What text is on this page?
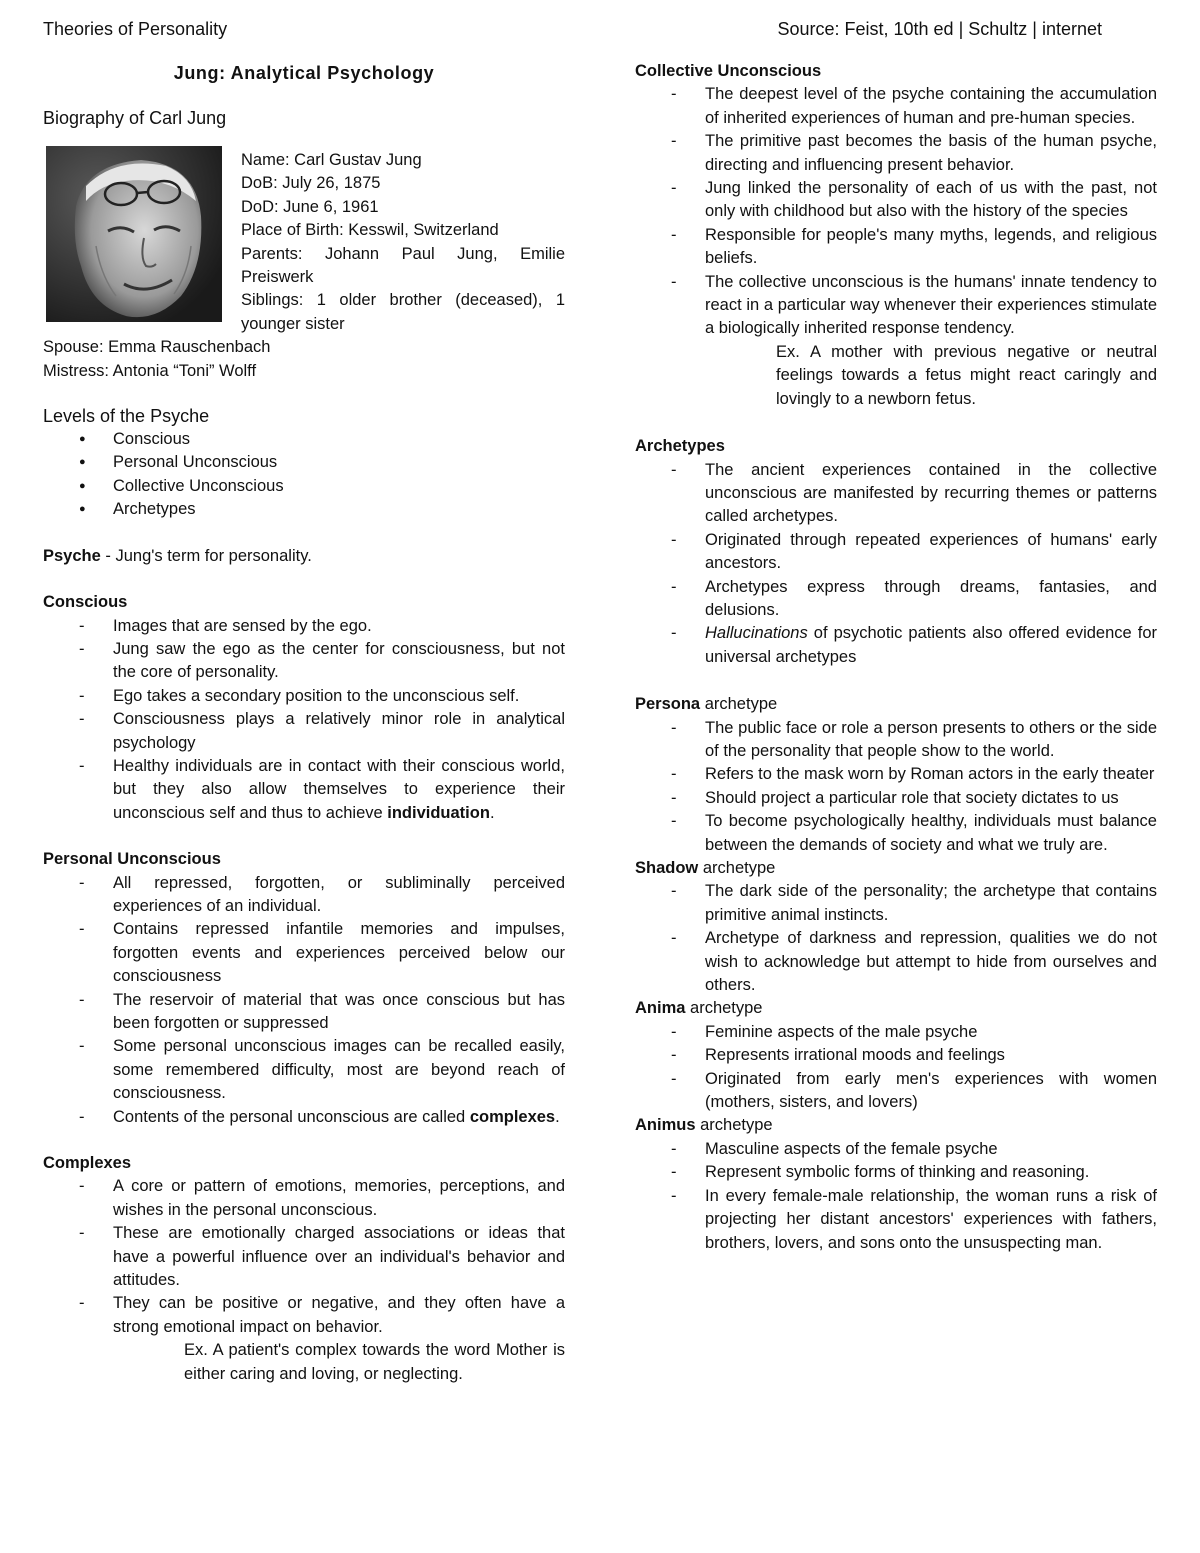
Theories of Personality	Source: Feist, 10th ed | Schultz | internet
Jung: Analytical Psychology
Biography of Carl Jung

Name: Carl Gustav Jung

DoB: July 26, 1875

DoD: June 6, 1961

Place of Birth: Kesswil, Switzerland

Parents: Johann Paul Jung, Emilie Preiswerk

Siblings: 1 older brother (deceased), 1 younger sister

Spouse: Emma Rauschenbach

Mistress: Antonia “Toni” Wolff

Levels of the Psyche
● Conscious
● Personal Unconscious
● Collective Unconscious
● Archetypes

Psyche - Jung's term for personality.

Conscious
- Images that are sensed by the ego.
- Jung saw the ego as the center for consciousness, but not the core of personality.
- Ego takes a secondary position to the unconscious self.
- Consciousness plays a relatively minor role in analytical psychology
- Healthy individuals are in contact with their conscious world, but they also allow themselves to experience their unconscious self and thus to achieve individuation.
Personal Unconscious
- All repressed, forgotten, or subliminally perceived experiences of an individual.
- Contains repressed infantile memories and impulses, forgotten events and experiences perceived below our consciousness
- The reservoir of material that was once conscious but has been forgotten or suppressed
- Some personal unconscious images can be recalled easily, some remembered difficulty, most are beyond reach of consciousness.
- Contents of the personal unconscious are called complexes.
Complexes
- A core or pattern of emotions, memories, perceptions, and wishes in the personal unconscious.
- These are emotionally charged associations or ideas that have a powerful influence over an individual's behavior and attitudes.
- They can be positive or negative, and they often have a strong emotional impact on behavior.
Ex. A patient's complex towards the word Mother is either caring and loving, or neglecting.
Collective Unconscious
- The deepest level of the psyche containing the accumulation of inherited experiences of human and pre-human species.
- The primitive past becomes the basis of the human psyche, directing and influencing present behavior.
- Jung linked the personality of each of us with the past, not only with childhood but also with the history of the species
- Responsible for people's many myths, legends, and religious beliefs.
- The collective unconscious is the humans' innate tendency to react in a particular way whenever their experiences stimulate a biologically inherited response tendency.
Ex. A mother with previous negative or neutral feelings towards a fetus might react caringly and lovingly to a newborn fetus.
Archetypes
- The ancient experiences contained in the collective unconscious are manifested by recurring themes or patterns called archetypes.
- Originated through repeated experiences of humans' early ancestors.
- Archetypes express through dreams, fantasies, and delusions.
- Hallucinations of psychotic patients also offered evidence for universal archetypes
Persona archetype
- The public face or role a person presents to others or the side of the personality that people show to the world.
- Refers to the mask worn by Roman actors in the early theater
- Should project a particular role that society dictates to us
- To become psychologically healthy, individuals must balance between the demands of society and what we truly are.
Shadow archetype
- The dark side of the personality; the archetype that contains primitive animal instincts.
- Archetype of darkness and repression, qualities we do not wish to acknowledge but attempt to hide from ourselves and others.
Anima archetype
- Feminine aspects of the male psyche
- Represents irrational moods and feelings
- Originated from early men's experiences with women (mothers, sisters, and lovers)
Animus archetype
- Masculine aspects of the female psyche
- Represent symbolic forms of thinking and reasoning.
- In every female-male relationship, the woman runs a risk of projecting her distant ancestors' experiences with fathers, brothers, lovers, and sons onto the unsuspecting man.
